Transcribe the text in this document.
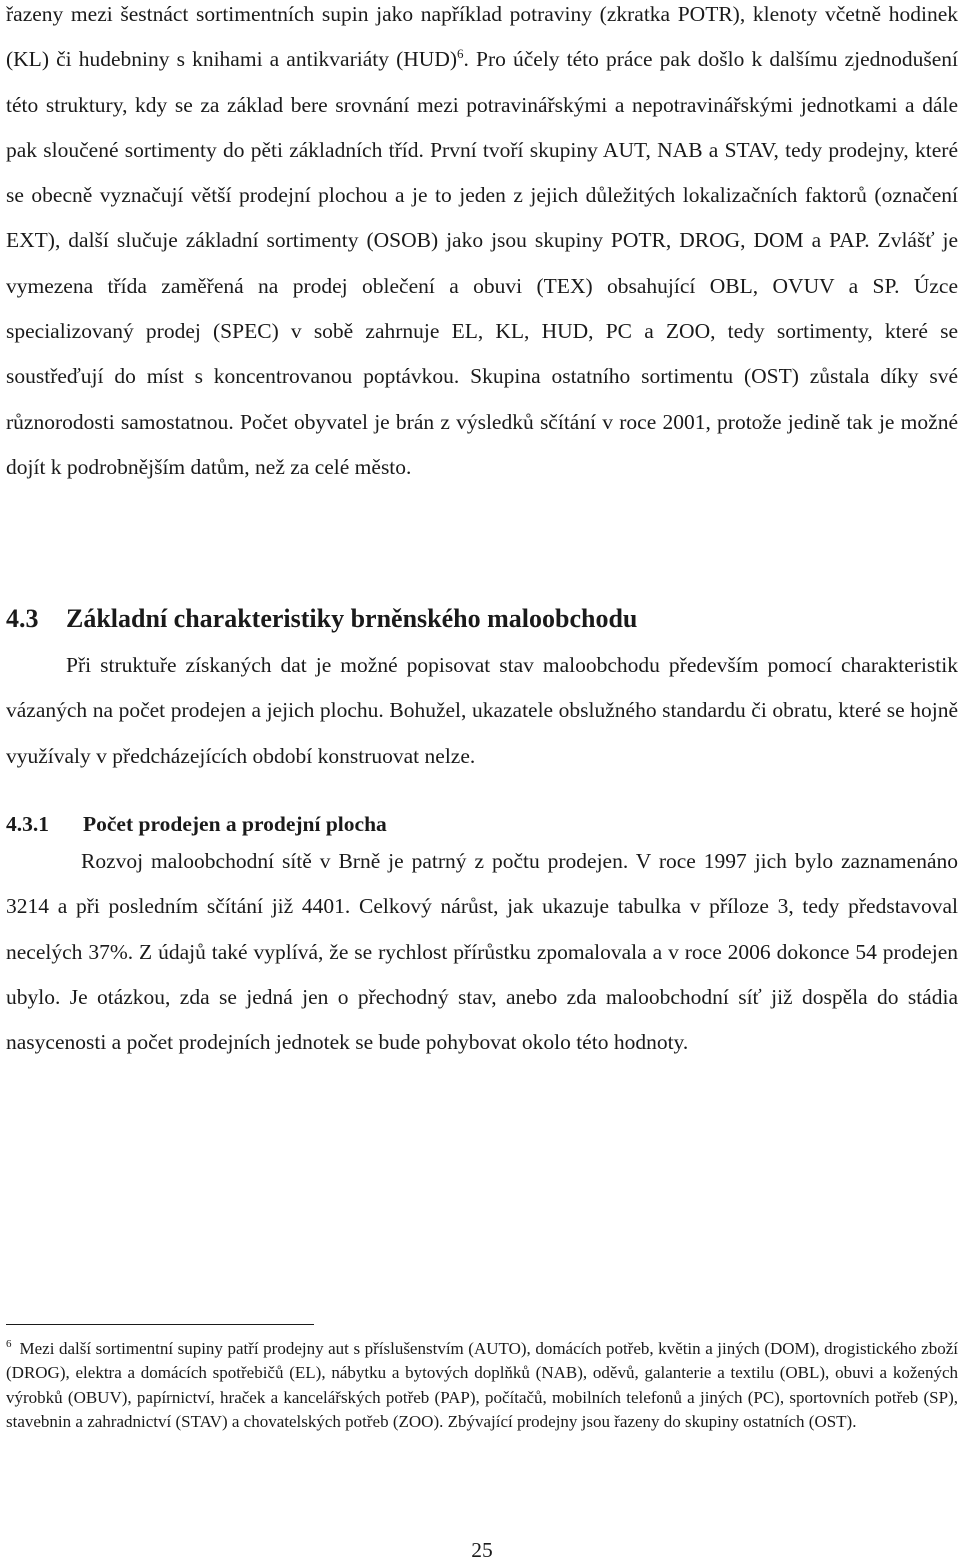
řazeny mezi šestnáct sortimentních supin jako například potraviny (zkratka POTR), klenoty včetně hodinek (KL) či hudebniny s knihami a antikvariáty (HUD)$^6$. Pro účely této práce pak došlo k dalšímu zjednodušení této struktury, kdy se za základ bere srovnání mezi potravinářskými a nepotravinářskými jednotkami a dále pak sloučené sortimenty do pěti základních tříd. První tvoří skupiny AUT, NAB a STAV, tedy prodejny, které se obecně vyznačují větší prodejní plochou a je to jeden z jejich důležitých lokalizačních faktorů (označení EXT), další slučuje základní sortimenty (OSOB) jako jsou skupiny POTR, DROG, DOM a PAP. Zvlášť je vymezena třída zaměřená na prodej oblečení a obuvi (TEX) obsahující OBL, OVUV a SP. Úzce specializovaný prodej (SPEC) v sobě zahrnuje EL, KL, HUD, PC a ZOO, tedy sortimenty, které se soustřeďují do míst s koncentrovanou poptávkou. Skupina ostatního sortimentu (OST) zůstala díky své různorodosti samostatnou. Počet obyvatel je brán z výsledků sčítání v roce 2001, protože jedině tak je možné dojít k podrobnějším datům, než za celé město.

4.3 Základní charakteristiky brněnského maloobchodu

Při struktuře získaných dat je možné popisovat stav maloobchodu především pomocí charakteristik vázaných na počet prodejen a jejich plochu. Bohužel, ukazatele obslužného standardu či obratu, které se hojně využívaly v předcházejících období konstruovat nelze.

4.3.1 Počet prodejen a prodejní plocha

Rozvoj maloobchodní sítě v Brně je patrný z počtu prodejen. V roce 1997 jich bylo zaznamenáno 3214 a při posledním sčítání již 4401. Celkový nárůst, jak ukazuje tabulka v příloze 3, tedy představoval necelých 37%. Z údajů také vyplívá, že se rychlost přírůstku zpomalovala a v roce 2006 dokonce 54 prodejen ubylo. Je otázkou, zda se jedná jen o přechodný stav, anebo zda maloobchodní síť již dospěla do stádia nasycenosti a počet prodejních jednotek se bude pohybovat okolo této hodnoty.

$^6$ Mezi další sortimentní supiny patří prodejny aut s příslušenstvím (AUTO), domácích potřeb, květin a jiných (DOM), drogistického zboží (DROG), elektra a domácích spotřebičů (EL), nábytku a bytových doplňků (NAB), oděvů, galanterie a textilu (OBL), obuvi a kožených výrobků (OBUV), papírnictví, hraček a kancelářských potřeb (PAP), počítačů, mobilních telefonů a jiných (PC), sportovních potřeb (SP), stavebnin a zahradnictví (STAV) a chovatelských potřeb (ZOO). Zbývající prodejny jsou řazeny do skupiny ostatních (OST).

25
